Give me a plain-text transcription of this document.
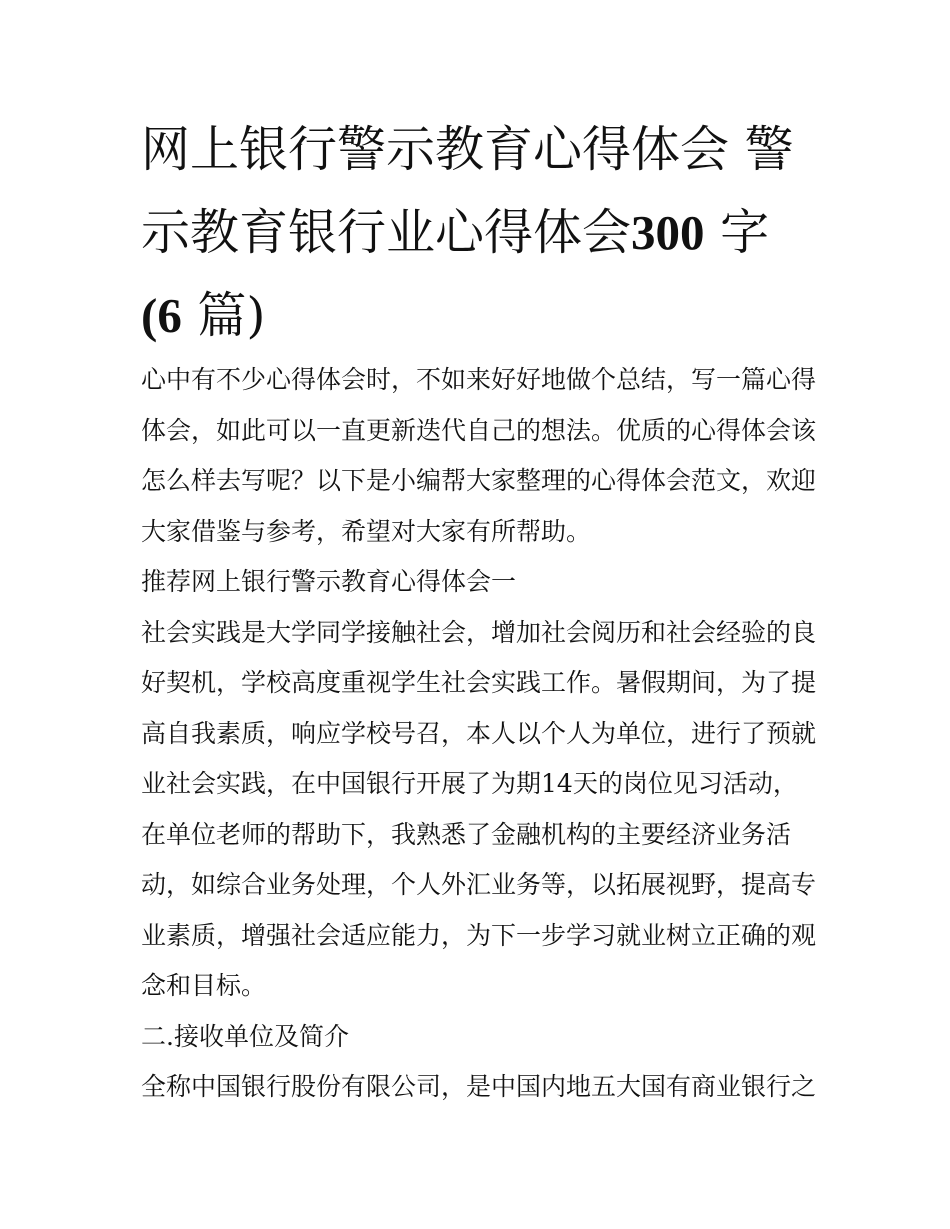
网上银行警示教育心得体会 警
示教育银行业心得体会300 字
(6 篇)
心中有不少心得体会时，不如来好好地做个总结，写一篇心得
体会，如此可以一直更新迭代自己的想法。优质的心得体会该
怎么样去写呢？以下是小编帮大家整理的心得体会范文，欢迎
大家借鉴与参考，希望对大家有所帮助。
推荐网上银行警示教育心得体会一
社会实践是大学同学接触社会，增加社会阅历和社会经验的良
好契机，学校高度重视学生社会实践工作。暑假期间，为了提
高自我素质，响应学校号召，本人以个人为单位，进行了预就
业社会实践，在中国银行开展了为期14天的岗位见习活动，
在单位老师的帮助下，我熟悉了金融机构的主要经济业务活
动，如综合业务处理，个人外汇业务等，以拓展视野，提高专
业素质，增强社会适应能力，为下一步学习就业树立正确的观
念和目标。
二.接收单位及简介
全称中国银行股份有限公司，是中国内地五大国有商业银行之
